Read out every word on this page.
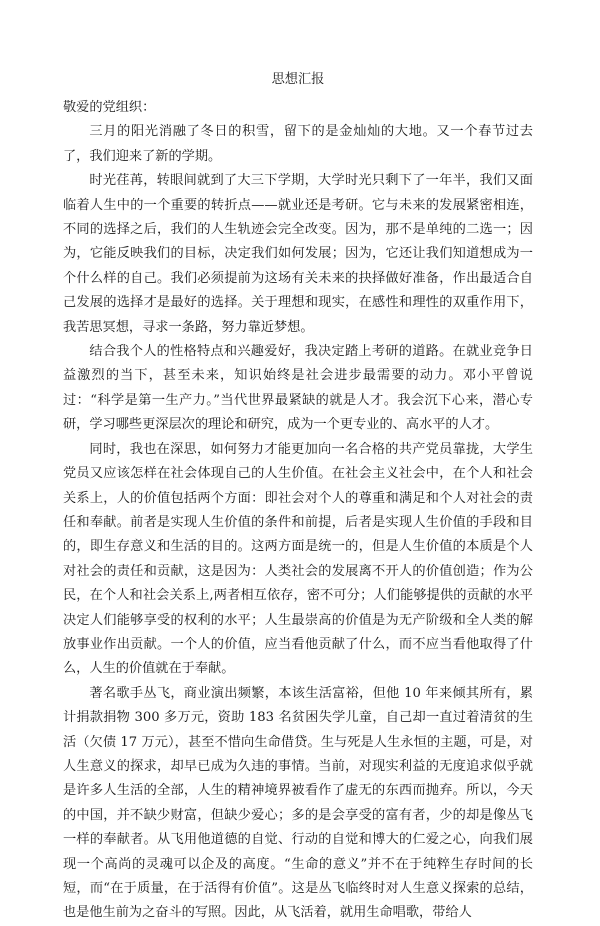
思想汇报

敬爱的党组织：

三月的阳光消融了冬日的积雪，留下的是金灿灿的大地。又一个春节过去了，我们迎来了新的学期。

时光荏苒，转眼间就到了大三下学期，大学时光只剩下了一年半，我们又面临着人生中的一个重要的转折点——就业还是考研。它与未来的发展紧密相连，不同的选择之后，我们的人生轨迹会完全改变。因为，那不是单纯的二选一；因为，它能反映我们的目标，决定我们如何发展；因为，它还让我们知道想成为一个什么样的自己。我们必须提前为这场有关未来的抉择做好准备，作出最适合自己发展的选择才是最好的选择。关于理想和现实，在感性和理性的双重作用下，我苦思冥想，寻求一条路，努力靠近梦想。

结合我个人的性格特点和兴趣爱好，我决定踏上考研的道路。在就业竞争日益激烈的当下，甚至未来，知识始终是社会进步最需要的动力。邓小平曾说过：“科学是第一生产力。”当代世界最紧缺的就是人才。我会沉下心来，潜心专研，学习哪些更深层次的理论和研究，成为一个更专业的、高水平的人才。

同时，我也在深思，如何努力才能更加向一名合格的共产党员靠拢，大学生党员又应该怎样在社会体现自己的人生价值。在社会主义社会中，在个人和社会关系上，人的价值包括两个方面：即社会对个人的尊重和满足和个人对社会的责任和奉献。前者是实现人生价值的条件和前提，后者是实现人生价值的手段和目的，即生存意义和生活的目的。这两方面是统一的，但是人生价值的本质是个人对社会的责任和贡献，这是因为：人类社会的发展离不开人的价值创造；作为公民，在个人和社会关系上,两者相互依存，密不可分；人们能够提供的贡献的水平决定人们能够享受的权利的水平；人生最崇高的价值是为无产阶级和全人类的解放事业作出贡献。一个人的价值，应当看他贡献了什么，而不应当看他取得了什么，人生的价值就在于奉献。

著名歌手丛飞，商业演出频繁，本该生活富裕，但他 10 年来倾其所有，累计捐款捐物 300 多万元，资助 183 名贫困失学儿童，自己却一直过着清贫的生活（欠债 17 万元），甚至不惜向生命借贷。生与死是人生永恒的主题，可是，对人生意义的探求，却早已成为久违的事情。当前，对现实利益的无度追求似乎就是许多人生活的全部，人生的精神境界被看作了虚无的东西而抛弃。所以，今天的中国，并不缺少财富，但缺少爱心；多的是会享受的富有者，少的却是像丛飞一样的奉献者。从飞用他道德的自觉、行动的自觉和博大的仁爱之心，向我们展现一个高尚的灵魂可以企及的高度。“生命的意义”并不在于纯粹生存时间的长短，而“在于质量，在于活得有价值”。这是丛飞临终时对人生意义探索的总结，也是他生前为之奋斗的写照。因此，从飞活着，就用生命唱歌，带给人
